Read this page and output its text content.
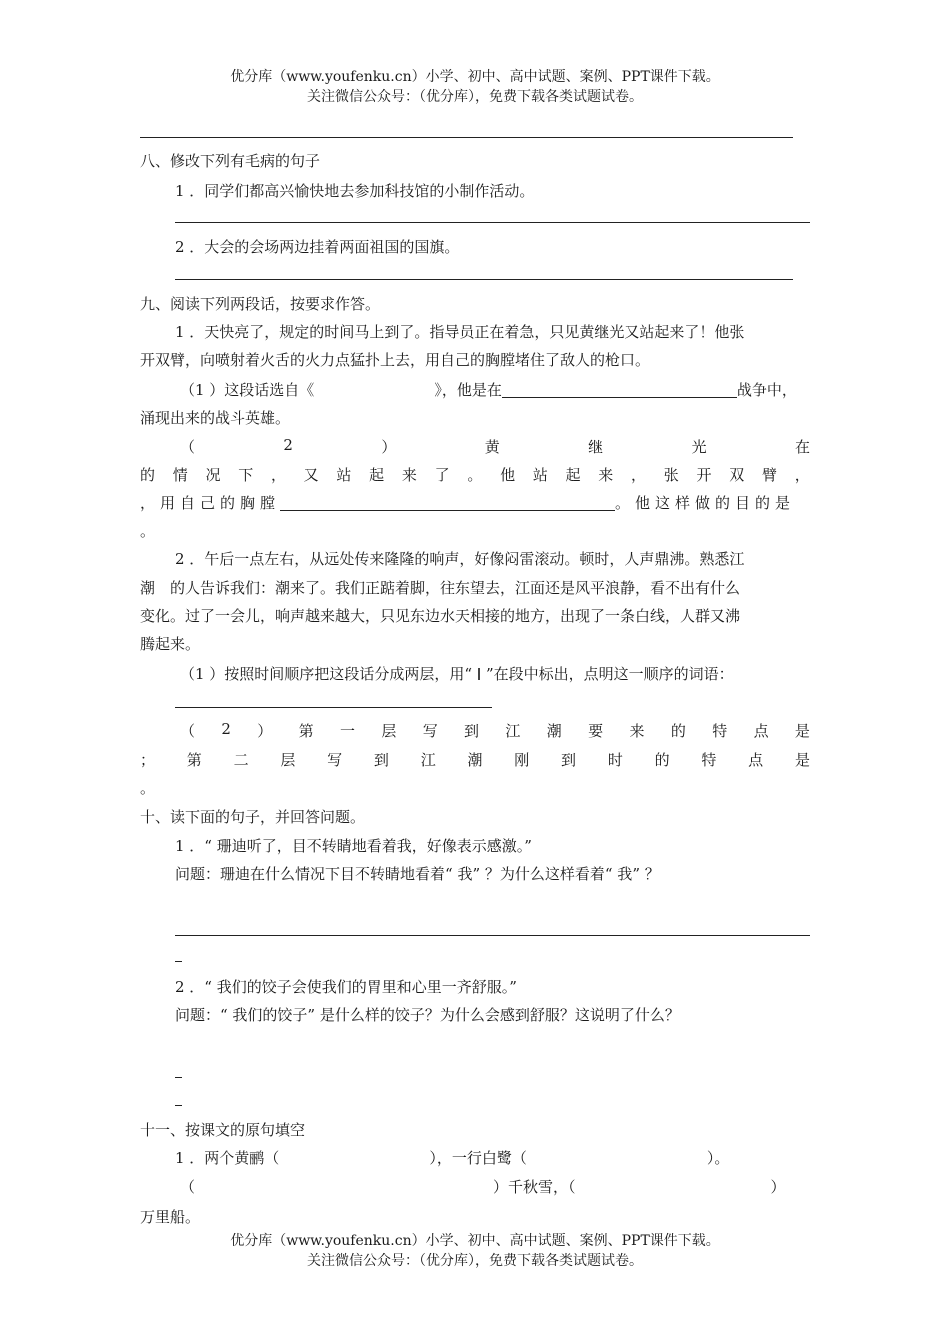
优分库（www.youfenku.cn）小学、初中、高中试题、案例、PPT课件下载。
关注微信公众号：（优分库），免费下载各类试题试卷。
八、修改下列有毛病的句子
1 ．同学们都高兴愉快地去参加科技馆的小制作活动。
2 ．大会的会场两边挂着两面祖国的国旗。
九、阅读下列两段话，按要求作答。
1 ．天快亮了，规定的时间马上到了。指导员正在着急，只见黄继光又站起来了！他张
开双臂，向喷射着火舌的火力点猛扑上去，用自己的胸膛堵住了敌人的枪口。
（1 ）这段话选自《	》，他是在	战争中，
涌现出来的战斗英雄。
（	2	）	黄	继	光	在
的 情 况 下 ， 又 站 起 来 了 。 他 站 起 来 ， 张 开 双 臂 ，
，用自己的胸膛	。他这样做的目的是
。
2 ．午后一点左右，从远处传来隆隆的响声，好像闷雷滚动。顿时，人声鼎沸。熟悉江
潮　的人告诉我们：潮来了。我们正踮着脚，往东望去，江面还是风平浪静，看不出有什么
变化。过了一会儿，响声越来越大，只见东边水天相接的地方，出现了一条白线，人群又沸
腾起来。
（1 ）按照时间顺序把这段话分成两层，用“ ”在段中标出，点明这一顺序的词语：
（ 2 ） 第 一 层 写 到 江 潮 要 来 的 特 点 是
； 第 二 层 写 到 江 潮 刚 到 时 的 特 点 是
。
十、读下面的句子，并回答问题。
1 ．“ 珊迪听了，目不转睛地看着我，好像表示感激。”
问题：珊迪在什么情况下目不转睛地看着“ 我” ？为什么这样看着“ 我” ？
2 ．“ 我们的饺子会使我们的胃里和心里一齐舒服。”
问题：“ 我们的饺子” 是什么样的饺子？为什么会感到舒服？这说明了什么？
十一、按课文的原句填空
1 ．两个黄鹂（	），一行白鹭（	）。
（	）千秋雪，（	）
万里船。
优分库（www.youfenku.cn）小学、初中、高中试题、案例、PPT课件下载。
关注微信公众号：（优分库），免费下载各类试题试卷。
